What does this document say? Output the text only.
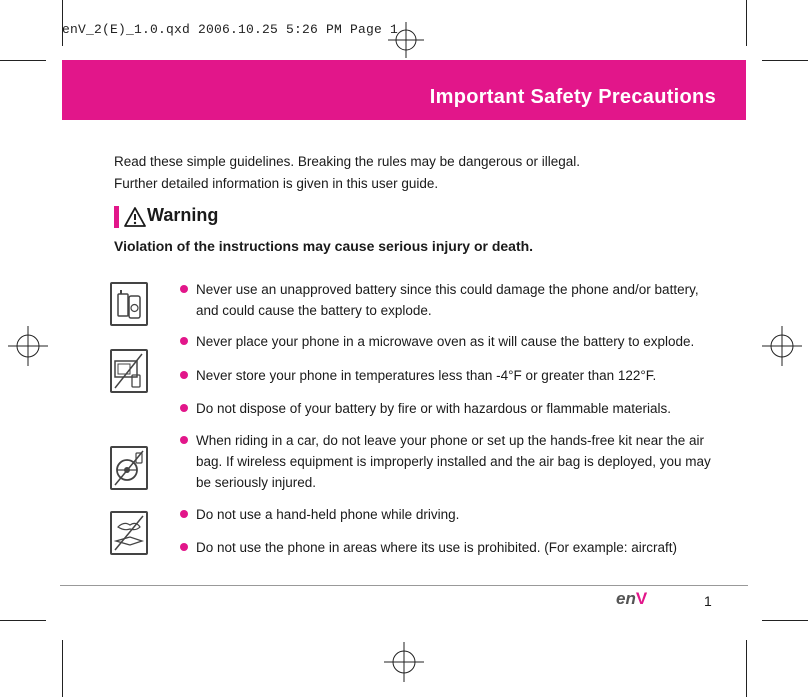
enV_2(E)_1.0.qxd 2006.10.25 5:26 PM Page 1
Important Safety Precautions
Read these simple guidelines. Breaking the rules may be dangerous or illegal.
Further detailed information is given in this user guide.
Warning
Violation of the instructions may cause serious injury or death.
Never use an unapproved battery since this could damage the phone and/or battery, and could cause the battery to explode.
Never place your phone in a microwave oven as it will cause the battery to explode.
Never store your phone in temperatures less than -4°F or greater than 122°F.
Do not dispose of your battery by fire or with hazardous or flammable materials.
When riding in a car, do not leave your phone or set up the hands-free kit near the air bag. If wireless equipment is improperly installed and the air bag is deployed, you may be seriously injured.
Do not use a hand-held phone while driving.
Do not use the phone in areas where its use is prohibited. (For example: aircraft)
enV	1
